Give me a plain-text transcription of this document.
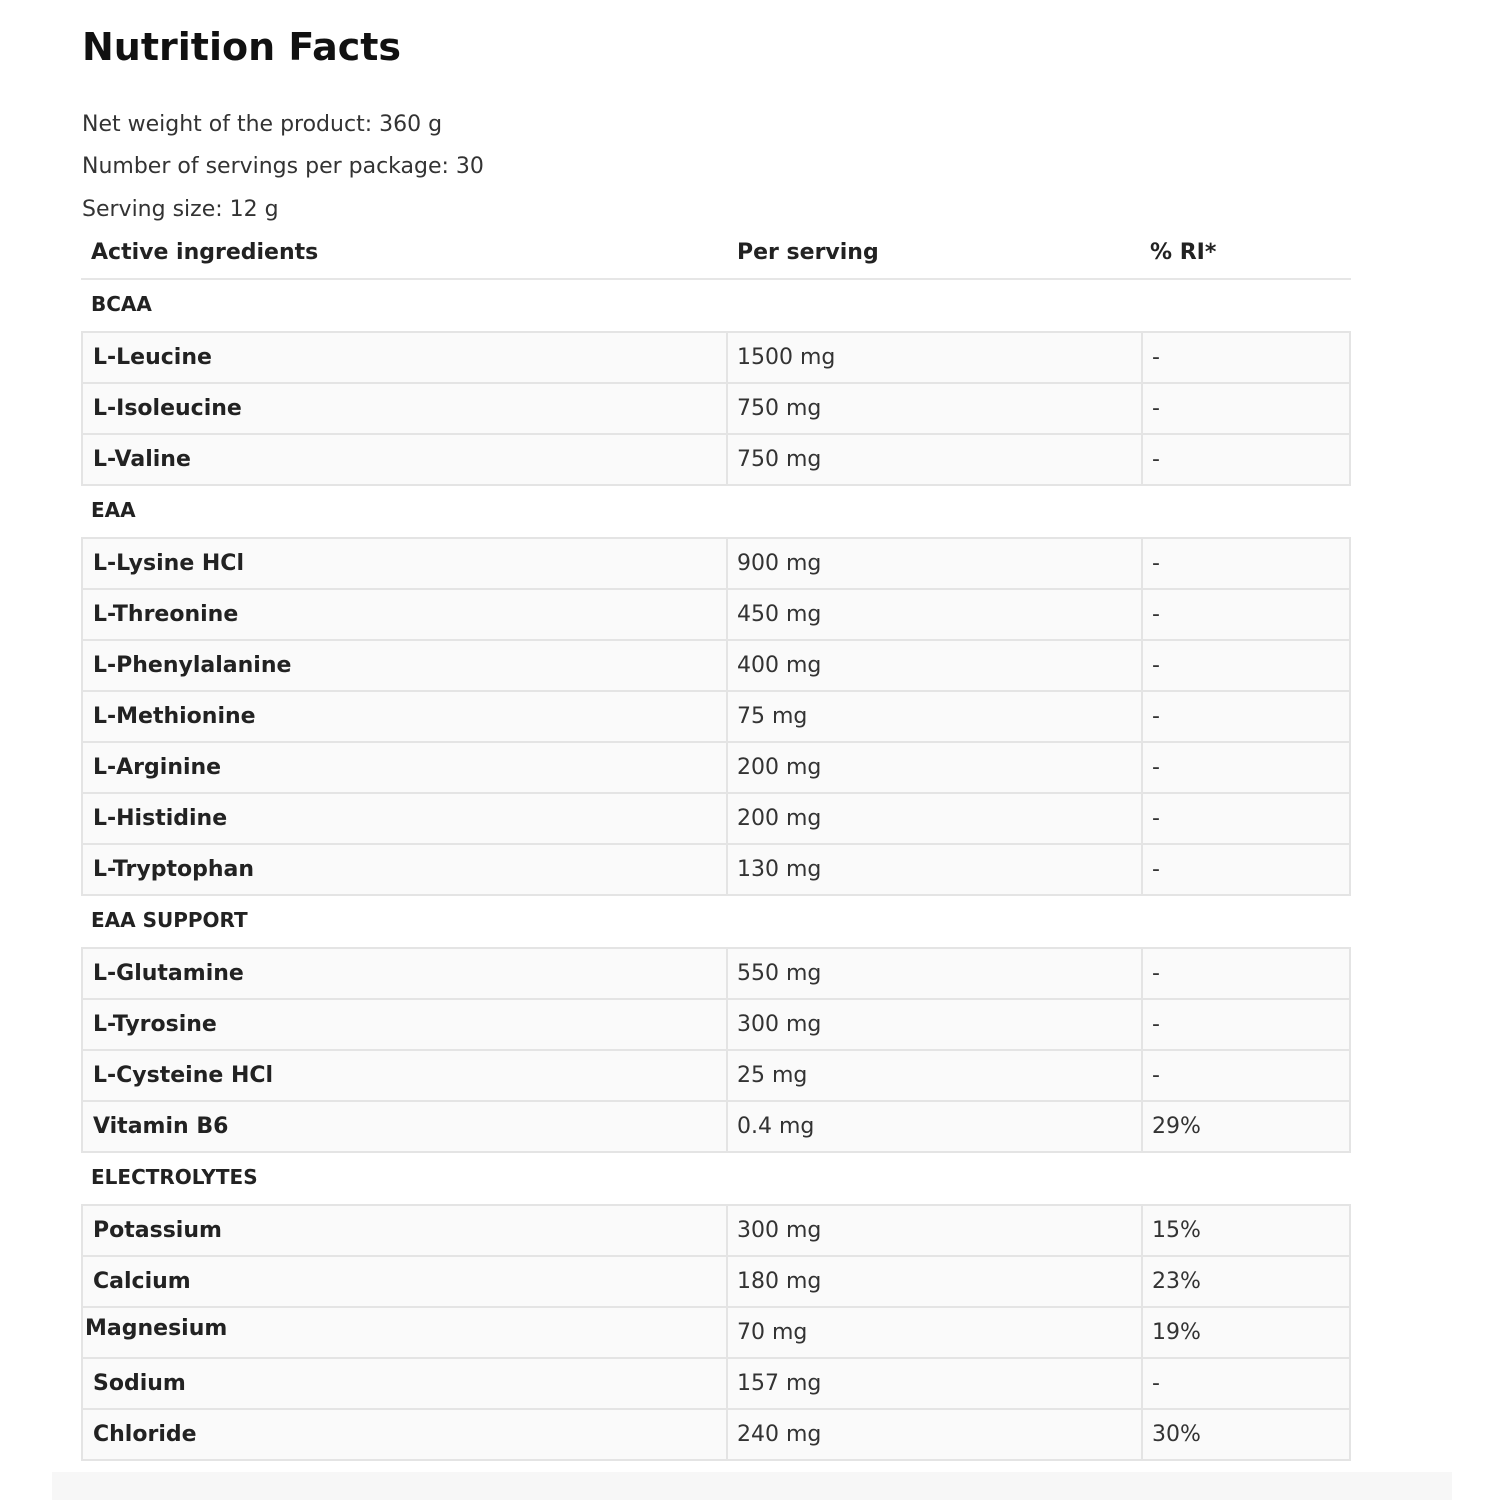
Nutrition Facts
Net weight of the product: 360 g
Number of servings per package: 30
Serving size: 12 g
Active ingredients	Per serving	% RI*
BCAA
L-Leucine	1500 mg	-
L-Isoleucine	750 mg	-
L-Valine	750 mg	-
EAA
L-Lysine HCl	900 mg	-
L-Threonine	450 mg	-
L-Phenylalanine	400 mg	-
L-Methionine	75 mg	-
L-Arginine	200 mg	-
L-Histidine	200 mg	-
L-Tryptophan	130 mg	-
EAA SUPPORT
L-Glutamine	550 mg	-
L-Tyrosine	300 mg	-
L-Cysteine HCl	25 mg	-
Vitamin B6	0.4 mg	29%
ELECTROLYTES
Potassium	300 mg	15%
Calcium	180 mg	23%
Magnesium	70 mg	19%
Sodium	157 mg	-
Chloride	240 mg	30%
